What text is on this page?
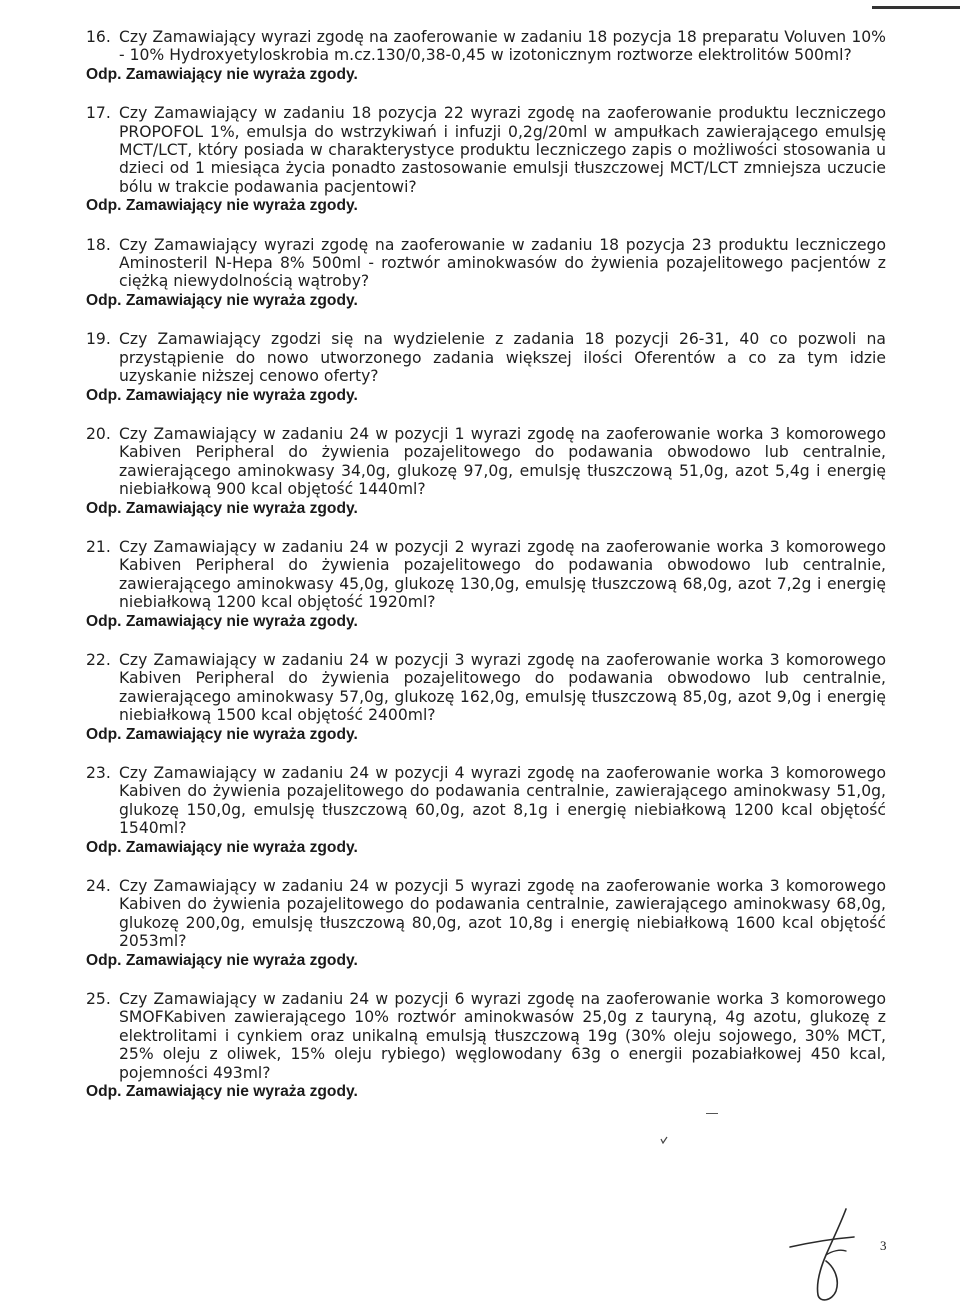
16. Czy Zamawiający wyrazi zgodę na zaoferowanie w zadaniu 18 pozycja 18 preparatu Voluven 10% - 10% Hydroxyetyloskrobia m.cz.130/0,38-0,45 w izotonicznym roztworze elektrolitów 500ml?

Odp. Zamawiający nie wyraża zgody.
17. Czy Zamawiający w zadaniu 18 pozycja 22 wyrazi zgodę na zaoferowanie produktu leczniczego PROPOFOL 1%, emulsja do wstrzykiwań i infuzji 0,2g/20ml w ampułkach zawierającego emulsję MCT/LCT, który posiada w charakterystyce produktu leczniczego zapis o możliwości stosowania u dzieci od 1 miesiąca życia ponadto zastosowanie emulsji tłuszczowej MCT/LCT zmniejsza uczucie bólu w trakcie podawania pacjentowi?

Odp. Zamawiający nie wyraża zgody.
18. Czy Zamawiający wyrazi zgodę na zaoferowanie w zadaniu 18 pozycja 23 produktu leczniczego Aminosteril N-Hepa 8% 500ml - roztwór aminokwasów do żywienia pozajelitowego pacjentów z ciężką niewydolnością wątroby?

Odp. Zamawiający nie wyraża zgody.
19. Czy Zamawiający zgodzi się na wydzielenie z zadania 18 pozycji 26-31, 40 co pozwoli na przystąpienie do nowo utworzonego zadania większej ilości Oferentów a co za tym idzie uzyskanie niższej cenowo oferty?

Odp. Zamawiający nie wyraża zgody.
20. Czy Zamawiający w zadaniu 24 w pozycji 1 wyrazi zgodę na zaoferowanie worka 3 komorowego Kabiven Peripheral do żywienia pozajelitowego do podawania obwodowo lub centralnie, zawierającego aminokwasy 34,0g, glukozę 97,0g, emulsję tłuszczową 51,0g, azot 5,4g i energię niebiałkową 900 kcal objętość 1440ml?

Odp. Zamawiający nie wyraża zgody.
21. Czy Zamawiający w zadaniu 24 w pozycji 2 wyrazi zgodę na zaoferowanie worka 3 komorowego Kabiven Peripheral do żywienia pozajelitowego do podawania obwodowo lub centralnie, zawierającego aminokwasy 45,0g, glukozę 130,0g, emulsję tłuszczową 68,0g, azot 7,2g i energię niebiałkową 1200 kcal objętość 1920ml?

Odp. Zamawiający nie wyraża zgody.
22. Czy Zamawiający w zadaniu 24 w pozycji 3 wyrazi zgodę na zaoferowanie worka 3 komorowego Kabiven Peripheral do żywienia pozajelitowego do podawania obwodowo lub centralnie, zawierającego aminokwasy 57,0g, glukozę 162,0g, emulsję tłuszczową 85,0g, azot 9,0g i energię niebiałkową 1500 kcal objętość 2400ml?

Odp. Zamawiający nie wyraża zgody.
23. Czy Zamawiający w zadaniu 24 w pozycji 4 wyrazi zgodę na zaoferowanie worka 3 komorowego Kabiven do żywienia pozajelitowego do podawania centralnie, zawierającego aminokwasy 51,0g, glukozę 150,0g, emulsję tłuszczową 60,0g, azot 8,1g i energię niebiałkową 1200 kcal objętość 1540ml?

Odp. Zamawiający nie wyraża zgody.
24. Czy Zamawiający w zadaniu 24 w pozycji 5 wyrazi zgodę na zaoferowanie worka 3 komorowego Kabiven do żywienia pozajelitowego do podawania centralnie, zawierającego aminokwasy 68,0g, glukozę 200,0g, emulsję tłuszczową 80,0g, azot 10,8g i energię niebiałkową 1600 kcal objętość 2053ml?

Odp. Zamawiający nie wyraża zgody.
25. Czy Zamawiający w zadaniu 24 w pozycji 6 wyrazi zgodę na zaoferowanie worka 3 komorowego SMOFKabiven zawierającego 10% roztwór aminokwasów 25,0g z tauryną, 4g azotu, glukozę z elektrolitami i cynkiem oraz unikalną emulsją tłuszczową 19g (30% oleju sojowego, 30% MCT, 25% oleju z oliwek, 15% oleju rybiego) węglowodany 63g o energii pozabiałkowej 450 kcal, pojemności 493ml?

Odp. Zamawiający nie wyraża zgody.
3
